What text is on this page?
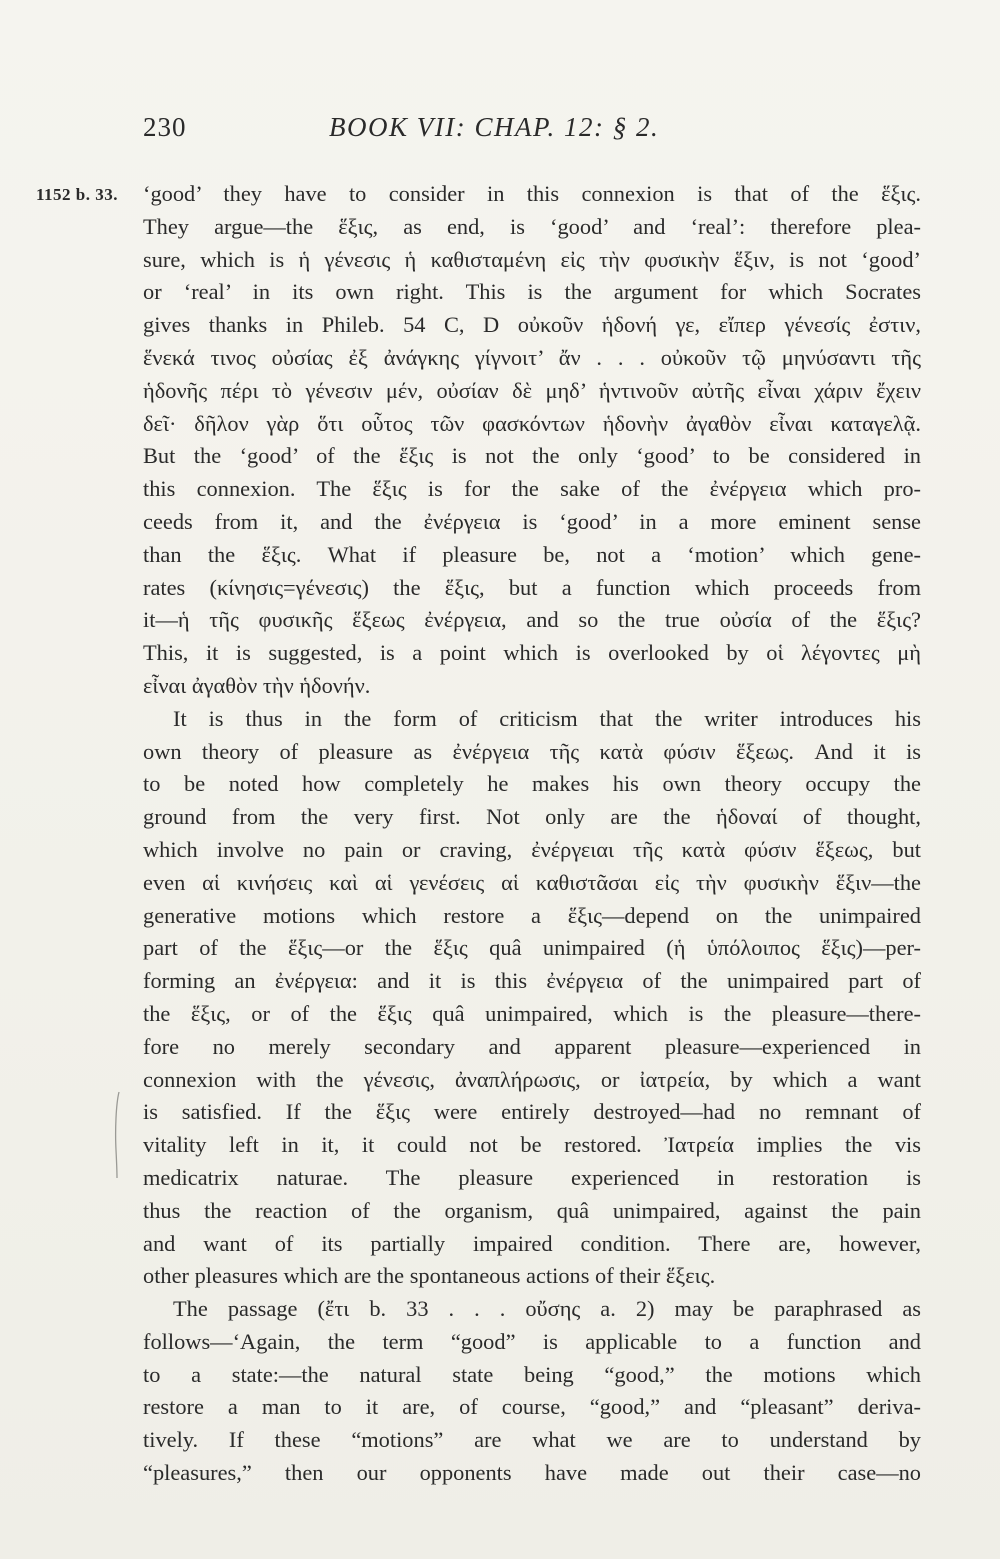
230	BOOK VII: CHAP. 12: § 2.
1152 b. 33. ‘good’ they have to consider in this connexion is that of the ἕξις.
They argue—the ἕξις, as end, is ‘good’ and ‘real’: therefore plea-
sure, which is ἡ γένεσις ἡ καθισταμένη εἰς τὴν φυσικὴν ἕξιν, is not ‘good’
or ‘real’ in its own right. This is the argument for which Socrates
gives thanks in Phileb. 54 C, D οὐκοῦν ἡδονή γε, εἴπερ γένεσίς ἐστιν,
ἕνεκά τινος οὐσίας ἐξ ἀνάγκης γίγνοιτ’ ἄν . . . οὐκοῦν τῷ μηνύσαντι τῆς
ἡδονῆς πέρι τὸ γένεσιν μέν, οὐσίαν δὲ μηδ’ ἡντινοῦν αὐτῆς εἶναι χάριν ἔχειν
δεῖ· δῆλον γὰρ ὅτι οὗτος τῶν φασκόντων ἡδονὴν ἀγαθὸν εἶναι καταγελᾷ.
But the ‘good’ of the ἕξις is not the only ‘good’ to be considered in
this connexion. The ἕξις is for the sake of the ἐνέργεια which pro-
ceeds from it, and the ἐνέργεια is ‘good’ in a more eminent sense
than the ἕξις. What if pleasure be, not a ‘motion’ which gene-
rates (κίνησις=γένεσις) the ἕξις, but a function which proceeds from
it—ἡ τῆς φυσικῆς ἕξεως ἐνέργεια, and so the true οὐσία of the ἕξις?
This, it is suggested, is a point which is overlooked by οἱ λέγοντες μὴ
εἶναι ἀγαθὸν τὴν ἡδονήν.
It is thus in the form of criticism that the writer introduces his
own theory of pleasure as ἐνέργεια τῆς κατὰ φύσιν ἕξεως. And it is
to be noted how completely he makes his own theory occupy the
ground from the very first. Not only are the ἡδοναί of thought,
which involve no pain or craving, ἐνέργειαι τῆς κατὰ φύσιν ἕξεως, but
even αἱ κινήσεις καὶ αἱ γενέσεις αἱ καθιστᾶσαι εἰς τὴν φυσικὴν ἕξιν—the
generative motions which restore a ἕξις—depend on the unimpaired
part of the ἕξις—or the ἕξις quâ unimpaired (ἡ ὑπόλοιπος ἕξις)—per-
forming an ἐνέργεια: and it is this ἐνέργεια of the unimpaired part of
the ἕξις, or of the ἕξις quâ unimpaired, which is the pleasure—there-
fore no merely secondary and apparent pleasure—experienced in
connexion with the γένεσις, ἀναπλήρωσις, or ἰατρεία, by which a want
is satisfied. If the ἕξις were entirely destroyed—had no remnant of
vitality left in it, it could not be restored. Ἰατρεία implies the vis
medicatrix naturae. The pleasure experienced in restoration is
thus the reaction of the organism, quâ unimpaired, against the pain
and want of its partially impaired condition. There are, however,
other pleasures which are the spontaneous actions of their ἕξεις.
The passage (ἔτι b. 33 . . . οὔσης a. 2) may be paraphrased as
follows—‘Again, the term “good” is applicable to a function and
to a state:—the natural state being “good,” the motions which
restore a man to it are, of course, “good,” and “pleasant” deriva-
tively. If these “motions” are what we are to understand by
“pleasures,” then our opponents have made out their case—no
